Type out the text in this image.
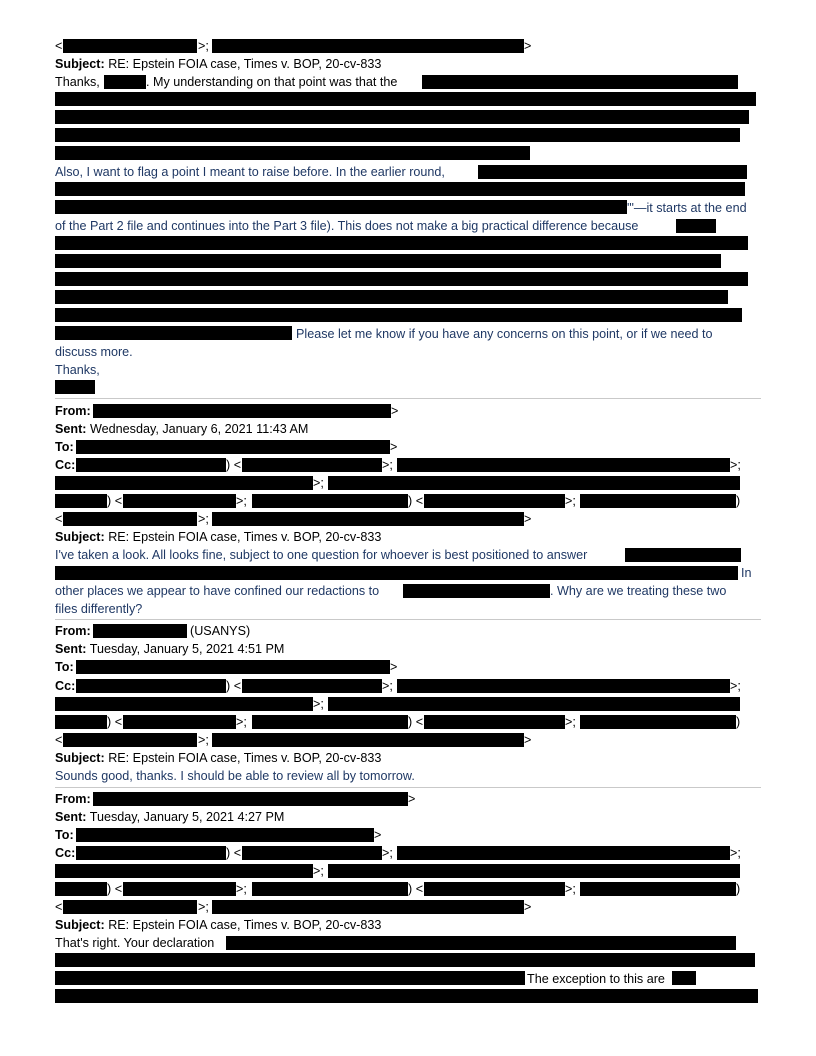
<	>;	>
Subject: RE: Epstein FOIA case, Times v. BOP, 20-cv-833
Thanks,	. My understanding on that point was that the
Also, I want to flag a point I meant to raise before. In the earlier round,
'"—it starts at the end
of the Part 2 file and continues into the Part 3 file). This does not make a big practical difference because
Please let me know if you have any concerns on this point, or if we need to
discuss more.
Thanks,
From:	>
Sent: Wednesday, January 6, 2021 11:43 AM
To:	>
Cc:	) <	>;	>;
>;
) <	>;	) <	>;	)
<	>;	>
Subject: RE: Epstein FOIA case, Times v. BOP, 20-cv-833
I've taken a look. All looks fine, subject to one question for whoever is best positioned to answer
In
other places we appear to have confined our redactions to	. Why are we treating these two
files differently?
From:	(USANYS)
Sent: Tuesday, January 5, 2021 4:51 PM
To:	>
Cc:	) <	>;	>;
>;
) <	>;	) <	>;	)
<	>;	>
Subject: RE: Epstein FOIA case, Times v. BOP, 20-cv-833
Sounds good, thanks. I should be able to review all by tomorrow.
From:	>
Sent: Tuesday, January 5, 2021 4:27 PM
To:	>
Cc:	) <	>;	>;
>;
) <	>;	) <	>;	)
<	>;	>
Subject: RE: Epstein FOIA case, Times v. BOP, 20-cv-833
That's right. Your declaration
The exception to this are
